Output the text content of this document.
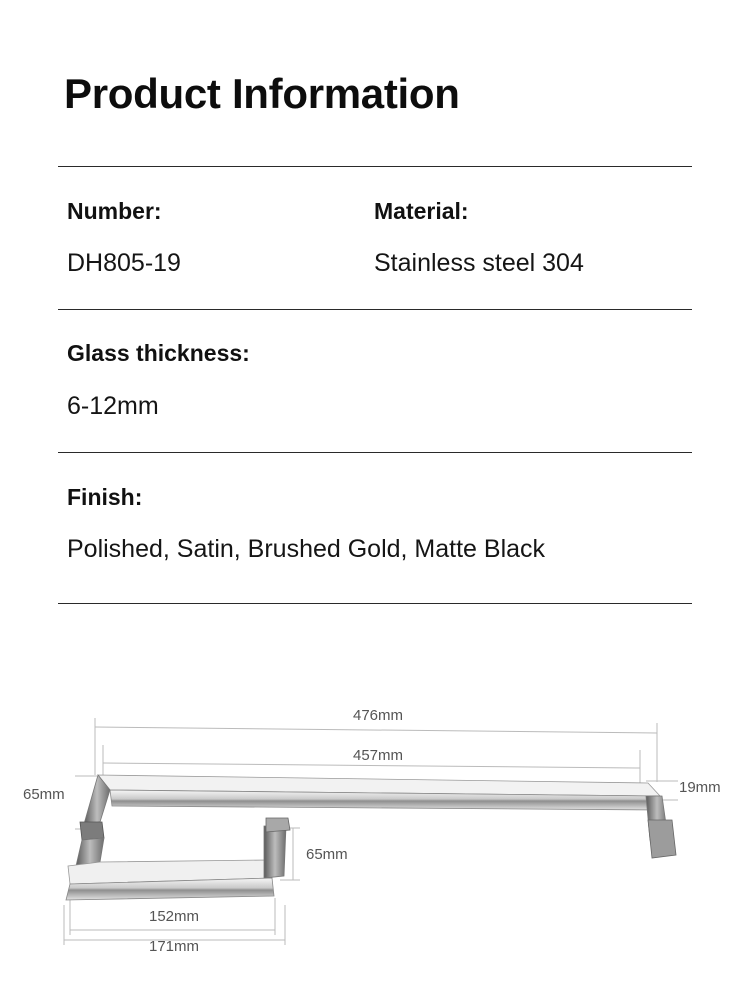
Product Information
Number:
DH805-19
Material:
Stainless steel 304
Glass thickness:
6-12mm
Finish:
Polished, Satin, Brushed Gold, Matte Black
476mm
457mm
65mm	19mm
65mm
152mm
171mm
